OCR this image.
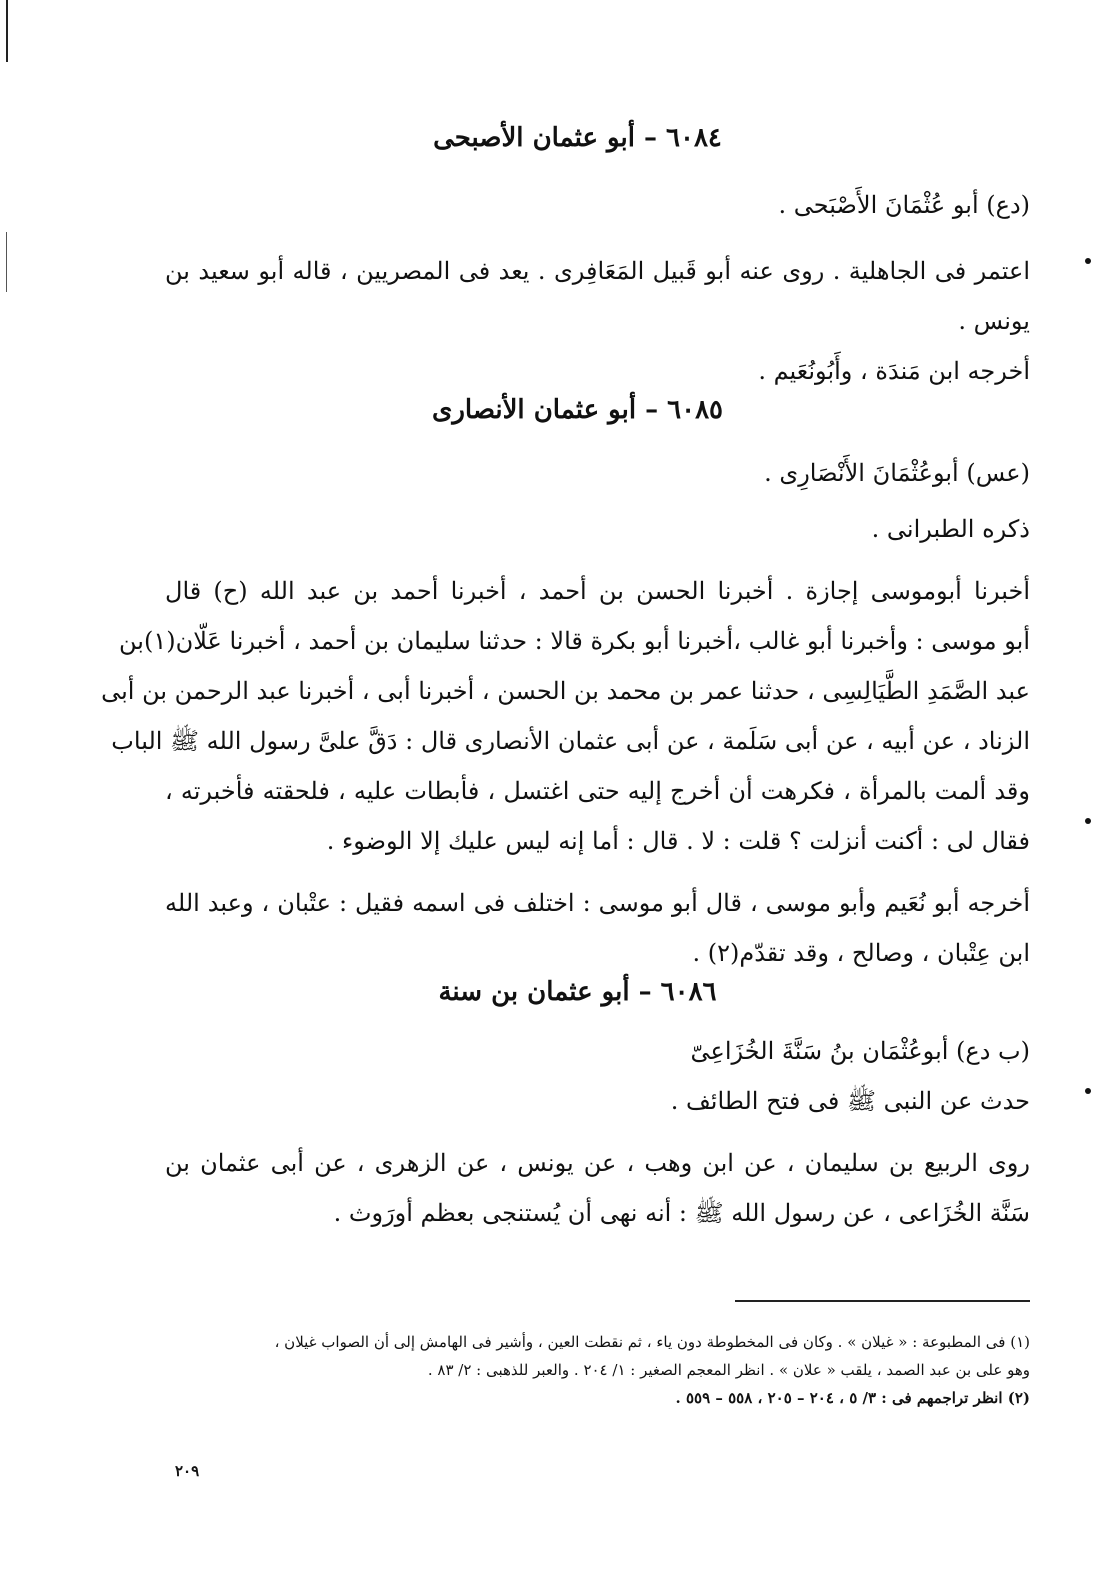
٦٠٨٤ – أبو عثمان الأصبحى

(دع) أبو عُثْمَانَ الأَصْبَحى .

اعتمر فى الجاهلية . روى عنه أبو قَبيل المَعَافِرى . يعد فى المصريين ، قاله أبو سعيد بن

يونس .

أخرجه ابن مَندَة ، وأَبُونُعَيم .

٦٠٨٥ – أبو عثمان الأنصارى

(عس) أبوعُثْمَانَ الأَنْصَارِى .

ذكره الطبرانى .

أخبرنا أبوموسى إجازة . أخبرنا الحسن بن أحمد ، أخبرنا أحمد بن عبد الله (ح) قال

أبو موسى : وأخبرنا أبو غالب ،أخبرنا أبو بكرة قالا : حدثنا سليمان بن أحمد ، أخبرنا عَلّان(١)بن

عبد الصَّمَدِ الطَّيَالِسِى ، حدثنا عمر بن محمد بن الحسن ، أخبرنا أبى ، أخبرنا عبد الرحمن بن أبى

الزناد ، عن أبيه ، عن أبى سَلَمة ، عن أبى عثمان الأنصارى قال : دَقَّ علىَّ رسول الله ﷺ الباب

وقد ألمت بالمرأة ، فكرهت أن أخرج إليه حتى اغتسل ، فأبطات عليه ، فلحقته فأخبرته ،

فقال لى : أكنت أنزلت ؟ قلت : لا . قال : أما إنه ليس عليك إلا الوضوء .

أخرجه أبو نُعَيم وأبو موسى ، قال أبو موسى : اختلف فى اسمه فقيل : عتْبان ، وعبد الله

ابن عِتْبان ، وصالح ، وقد تقدّم(٢) .

٦٠٨٦ – أبو عثمان بن سنة

(ب دع) أبوعُثْمَان بنُ سَنَّةَ الخُزَاعِىّ

حدث عن النبى ﷺ فى فتح الطائف .

روى الربيع بن سليمان ، عن ابن وهب ، عن يونس ، عن الزهرى ، عن أبى عثمان بن

سَنَّة الخُزَاعى ، عن رسول الله ﷺ : أنه نهى أن يُستنجى بعظم أورَوث .

(١) فى المطبوعة : « غيلان » . وكان فى المخطوطة دون ياء ، ثم نقطت العين ، وأشير فى الهامش إلى أن الصواب غيلان ،

وهو على بن عبد الصمد ، يلقب « علان » . انظر المعجم الصغير : ١/ ٢٠٤ . والعبر للذهبى : ٢/ ٨٣ .

(٢) انظر تراجمهم فى : ٣/ ٥ ، ٢٠٤ – ٢٠٥ ، ٥٥٨ – ٥٥٩ .

٢٠٩
